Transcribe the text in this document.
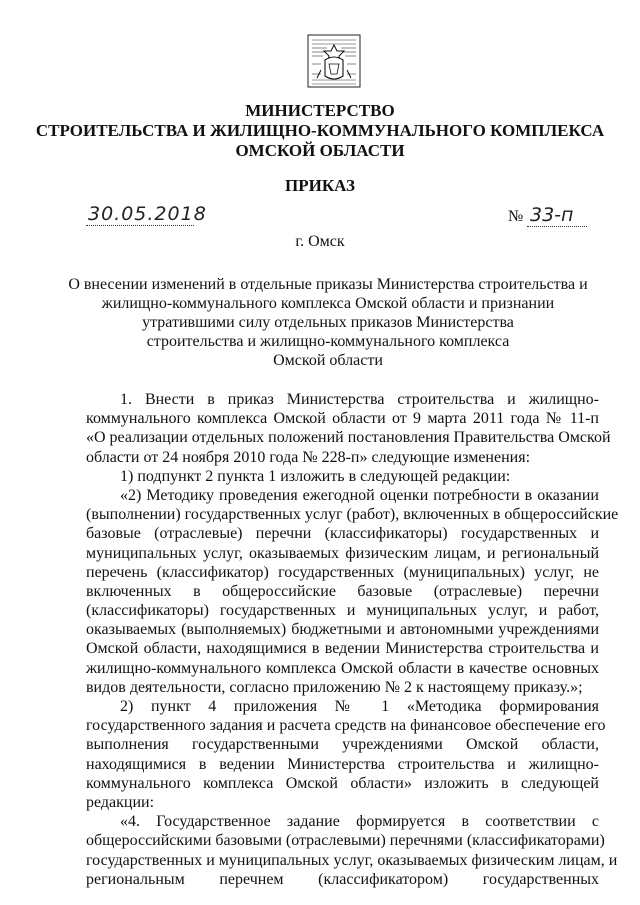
МИНИСТЕРСТВО
СТРОИТЕЛЬСТВА И ЖИЛИЩНО-КОММУНАЛЬНОГО КОМПЛЕКСА
ОМСКОЙ ОБЛАСТИ
ПРИКАЗ
30.05.2018	№ 33-п
г. Омск
О внесении изменений в отдельные приказы Министерства строительства и
жилищно-коммунального комплекса Омской области и признании
утратившими силу отдельных приказов Министерства
строительства и жилищно-коммунального комплекса
Омской области
1. Внести в приказ Министерства строительства и жилищно-
коммунального комплекса Омской области от 9 марта 2011 года № 11-п
«О реализации отдельных положений постановления Правительства Омской
области от 24 ноября 2010 года № 228-п» следующие изменения:
1) подпункт 2 пункта 1 изложить в следующей редакции:
«2) Методику проведения ежегодной оценки потребности в оказании
(выполнении) государственных услуг (работ), включенных в общероссийские
базовые (отраслевые) перечни (классификаторы) государственных и
муниципальных услуг, оказываемых физическим лицам, и региональный
перечень (классификатор) государственных (муниципальных) услуг, не
включенных в общероссийские базовые (отраслевые) перечни
(классификаторы) государственных и муниципальных услуг, и работ,
оказываемых (выполняемых) бюджетными и автономными учреждениями
Омской области, находящимися в ведении Министерства строительства и
жилищно-коммунального комплекса Омской области в качестве основных
видов деятельности, согласно приложению № 2 к настоящему приказу.»;
2) пункт 4 приложения № 1 «Методика формирования
государственного задания и расчета средств на финансовое обеспечение его
выполнения государственными учреждениями Омской области,
находящимися в ведении Министерства строительства и жилищно-
коммунального комплекса Омской области» изложить в следующей
редакции:
«4. Государственное задание формируется в соответствии с
общероссийскими базовыми (отраслевыми) перечнями (классификаторами)
государственных и муниципальных услуг, оказываемых физическим лицам, и
региональным перечнем (классификатором) государственных
